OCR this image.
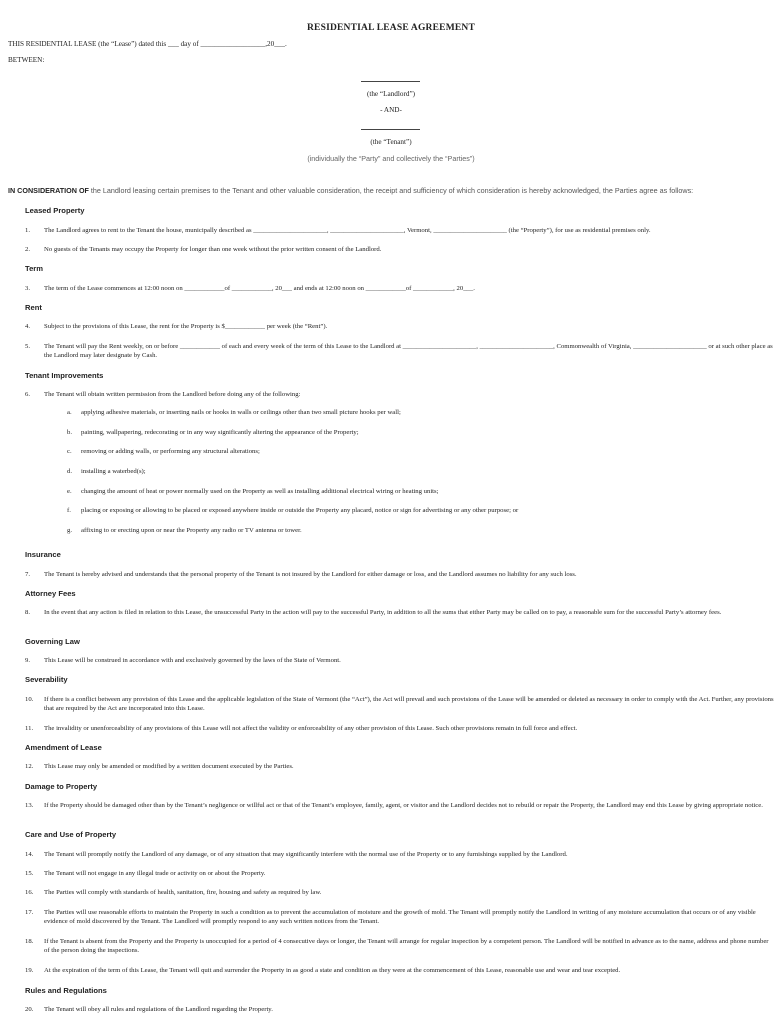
RESIDENTIAL LEASE AGREEMENT
THIS RESIDENTIAL LEASE (the “Lease”) dated this ___ day of __________________,20___.
BETWEEN:
(the “Landlord”)
- AND-
(the “Tenant”)
(individually the “Party” and collectively the “Parties”)
IN CONSIDERATION OF the Landlord leasing certain premises to the Tenant and other valuable consideration, the receipt and sufficiency of which consideration is hereby acknowledged, the Parties agree as follows:
Leased Property
1.	The Landlord agrees to rent to the Tenant the house, municipally described as ______________________, ______________________, Vermont, ______________________ (the “Property”), for use as residential premises only.
2.	No guests of the Tenants may occupy the Property for longer than one week without the prior written consent of the Landlord.
Term
3.	The term of the Lease commences at 12:00 noon on ____________of ____________, 20___ and ends at 12:00 noon on ____________of ____________, 20___.
Rent
4.	Subject to the provisions of this Lease, the rent for the Property is $____________ per week (the “Rent”).
5.	The Tenant will pay the Rent weekly, on or before ____________ of each and every week of the term of this Lease to the Landlord at ______________________, ______________________, Commonwealth of Virginia, ______________________ or at such other place as the Landlord may later designate by Cash.
Tenant Improvements
6.	The Tenant will obtain written permission from the Landlord before doing any of the following:
a.	applying adhesive materials, or inserting nails or hooks in walls or ceilings other than two small picture hooks per wall;
b.	painting, wallpapering, redecorating or in any way significantly altering the appearance of the Property;
c.	removing or adding walls, or performing any structural alterations;
d.	installing a waterbed(s);
e.	changing the amount of heat or power normally used on the Property as well as installing additional electrical wiring or heating units;
f.	placing or exposing or allowing to be placed or exposed anywhere inside or outside the Property any placard, notice or sign for advertising or any other purpose; or
g.	affixing to or erecting upon or near the Property any radio or TV antenna or tower.
Insurance
7.	The Tenant is hereby advised and understands that the personal property of the Tenant is not insured by the Landlord for either damage or loss, and the Landlord assumes no liability for any such loss.
Attorney Fees
8.	In the event that any action is filed in relation to this Lease, the unsuccessful Party in the action will pay to the successful Party, in addition to all the sums that either Party may be called on to pay, a reasonable sum for the successful Party’s attorney fees.
Governing Law
9.	This Lease will be construed in accordance with and exclusively governed by the laws of the State of Vermont.
Severability
10.	If there is a conflict between any provision of this Lease and the applicable legislation of the State of Vermont (the “Act”), the Act will prevail and such provisions of the Lease will be amended or deleted as necessary in order to comply with the Act. Further, any provisions that are required by the Act are incorporated into this Lease.
11.	The invalidity or unenforceability of any provisions of this Lease will not affect the validity or enforceability of any other provision of this Lease. Such other provisions remain in full force and effect.
Amendment of Lease
12.	This Lease may only be amended or modified by a written document executed by the Parties.
Damage to Property
13.	If the Property should be damaged other than by the Tenant’s negligence or willful act or that of the Tenant’s employee, family, agent, or visitor and the Landlord decides not to rebuild or repair the Property, the Landlord may end this Lease by giving appropriate notice.
Care and Use of Property
14.	The Tenant will promptly notify the Landlord of any damage, or of any situation that may significantly interfere with the normal use of the Property or to any furnishings supplied by the Landlord.
15.	The Tenant will not engage in any illegal trade or activity on or about the Property.
16.	The Parties will comply with standards of health, sanitation, fire, housing and safety as required by law.
17.	The Parties will use reasonable efforts to maintain the Property in such a condition as to prevent the accumulation of moisture and the growth of mold. The Tenant will promptly notify the Landlord in writing of any moisture accumulation that occurs or of any visible evidence of mold discovered by the Tenant. The Landlord will promptly respond to any such written notices from the Tenant.
18.	If the Tenant is absent from the Property and the Property is unoccupied for a period of 4 consecutive days or longer, the Tenant will arrange for regular inspection by a competent person. The Landlord will be notified in advance as to the name, address and phone number of the person doing the inspections.
19.	At the expiration of the term of this Lease, the Tenant will quit and surrender the Property in as good a state and condition as they were at the commencement of this Lease, reasonable use and wear and tear excepted.
Rules and Regulations
20.	The Tenant will obey all rules and regulations of the Landlord regarding the Property.
